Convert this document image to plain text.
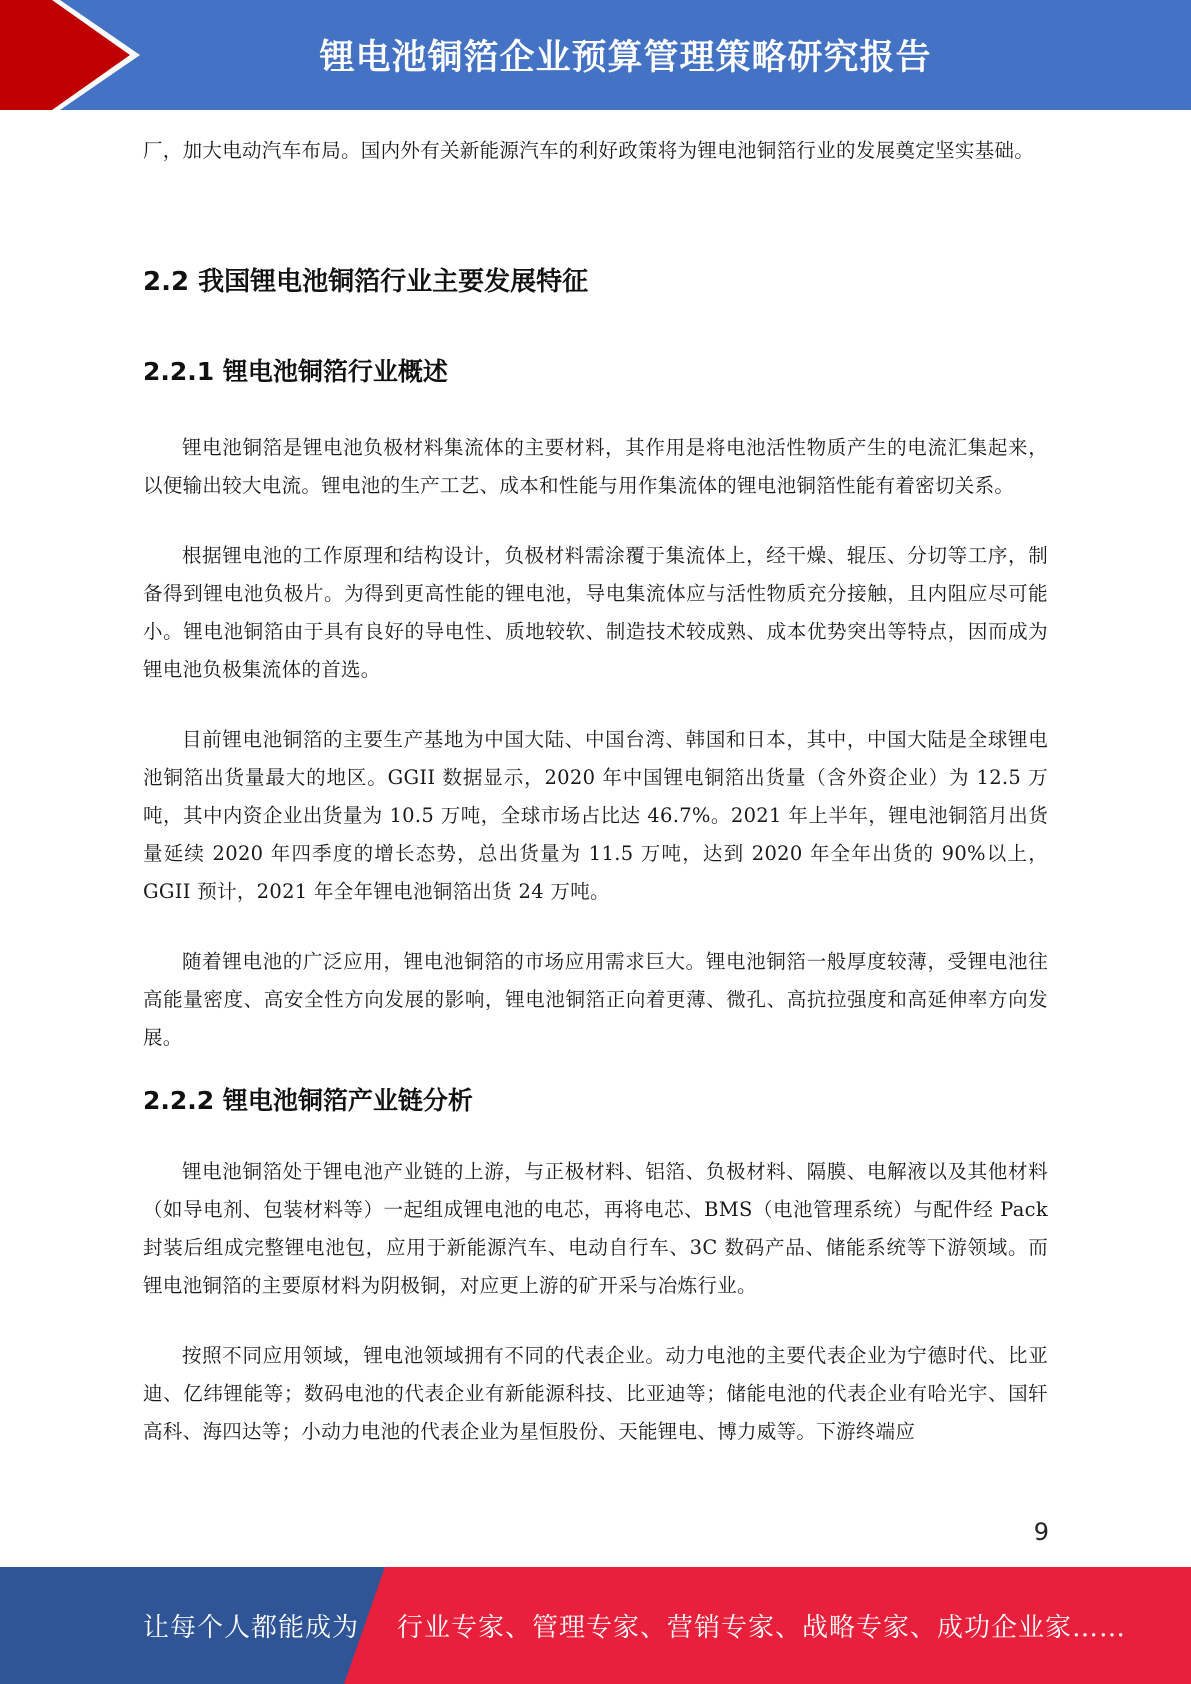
锂电池铜箔企业预算管理策略研究报告

厂，加大电动汽车布局。国内外有关新能源汽车的利好政策将为锂电池铜箔行业的发展奠定坚实基础。

2.2 我国锂电池铜箔行业主要发展特征
2.2.1 锂电池铜箔行业概述

锂电池铜箔是锂电池负极材料集流体的主要材料，其作用是将电池活性物质产生的电流汇集起来，以便输出较大电流。锂电池的生产工艺、成本和性能与用作集流体的锂电池铜箔性能有着密切关系。

根据锂电池的工作原理和结构设计，负极材料需涂覆于集流体上，经干燥、辊压、分切等工序，制备得到锂电池负极片。为得到更高性能的锂电池，导电集流体应与活性物质充分接触，且内阻应尽可能小。锂电池铜箔由于具有良好的导电性、质地较软、制造技术较成熟、成本优势突出等特点，因而成为锂电池负极集流体的首选。

目前锂电池铜箔的主要生产基地为中国大陆、中国台湾、韩国和日本，其中，中国大陆是全球锂电池铜箔出货量最大的地区。GGII 数据显示，2020 年中国锂电铜箔出货量（含外资企业）为 12.5 万吨，其中内资企业出货量为 10.5 万吨，全球市场占比达 46.7%。2021 年上半年，锂电池铜箔月出货量延续 2020 年四季度的增长态势，总出货量为 11.5 万吨，达到 2020 年全年出货的 90%以上，GGII 预计，2021 年全年锂电池铜箔出货 24 万吨。

随着锂电池的广泛应用，锂电池铜箔的市场应用需求巨大。锂电池铜箔一般厚度较薄，受锂电池往高能量密度、高安全性方向发展的影响，锂电池铜箔正向着更薄、微孔、高抗拉强度和高延伸率方向发展。

2.2.2 锂电池铜箔产业链分析

锂电池铜箔处于锂电池产业链的上游，与正极材料、铝箔、负极材料、隔膜、电解液以及其他材料（如导电剂、包装材料等）一起组成锂电池的电芯，再将电芯、BMS（电池管理系统）与配件经 Pack 封装后组成完整锂电池包，应用于新能源汽车、电动自行车、3C 数码产品、储能系统等下游领域。而锂电池铜箔的主要原材料为阴极铜，对应更上游的矿开采与冶炼行业。

按照不同应用领域，锂电池领域拥有不同的代表企业。动力电池的主要代表企业为宁德时代、比亚迪、亿纬锂能等；数码电池的代表企业有新能源科技、比亚迪等；储能电池的代表企业有哈光宇、国轩高科、海四达等；小动力电池的代表企业为星恒股份、天能锂电、博力威等。下游终端应

9
让每个人都能成为 行业专家、管理专家、营销专家、战略专家、成功企业家……
